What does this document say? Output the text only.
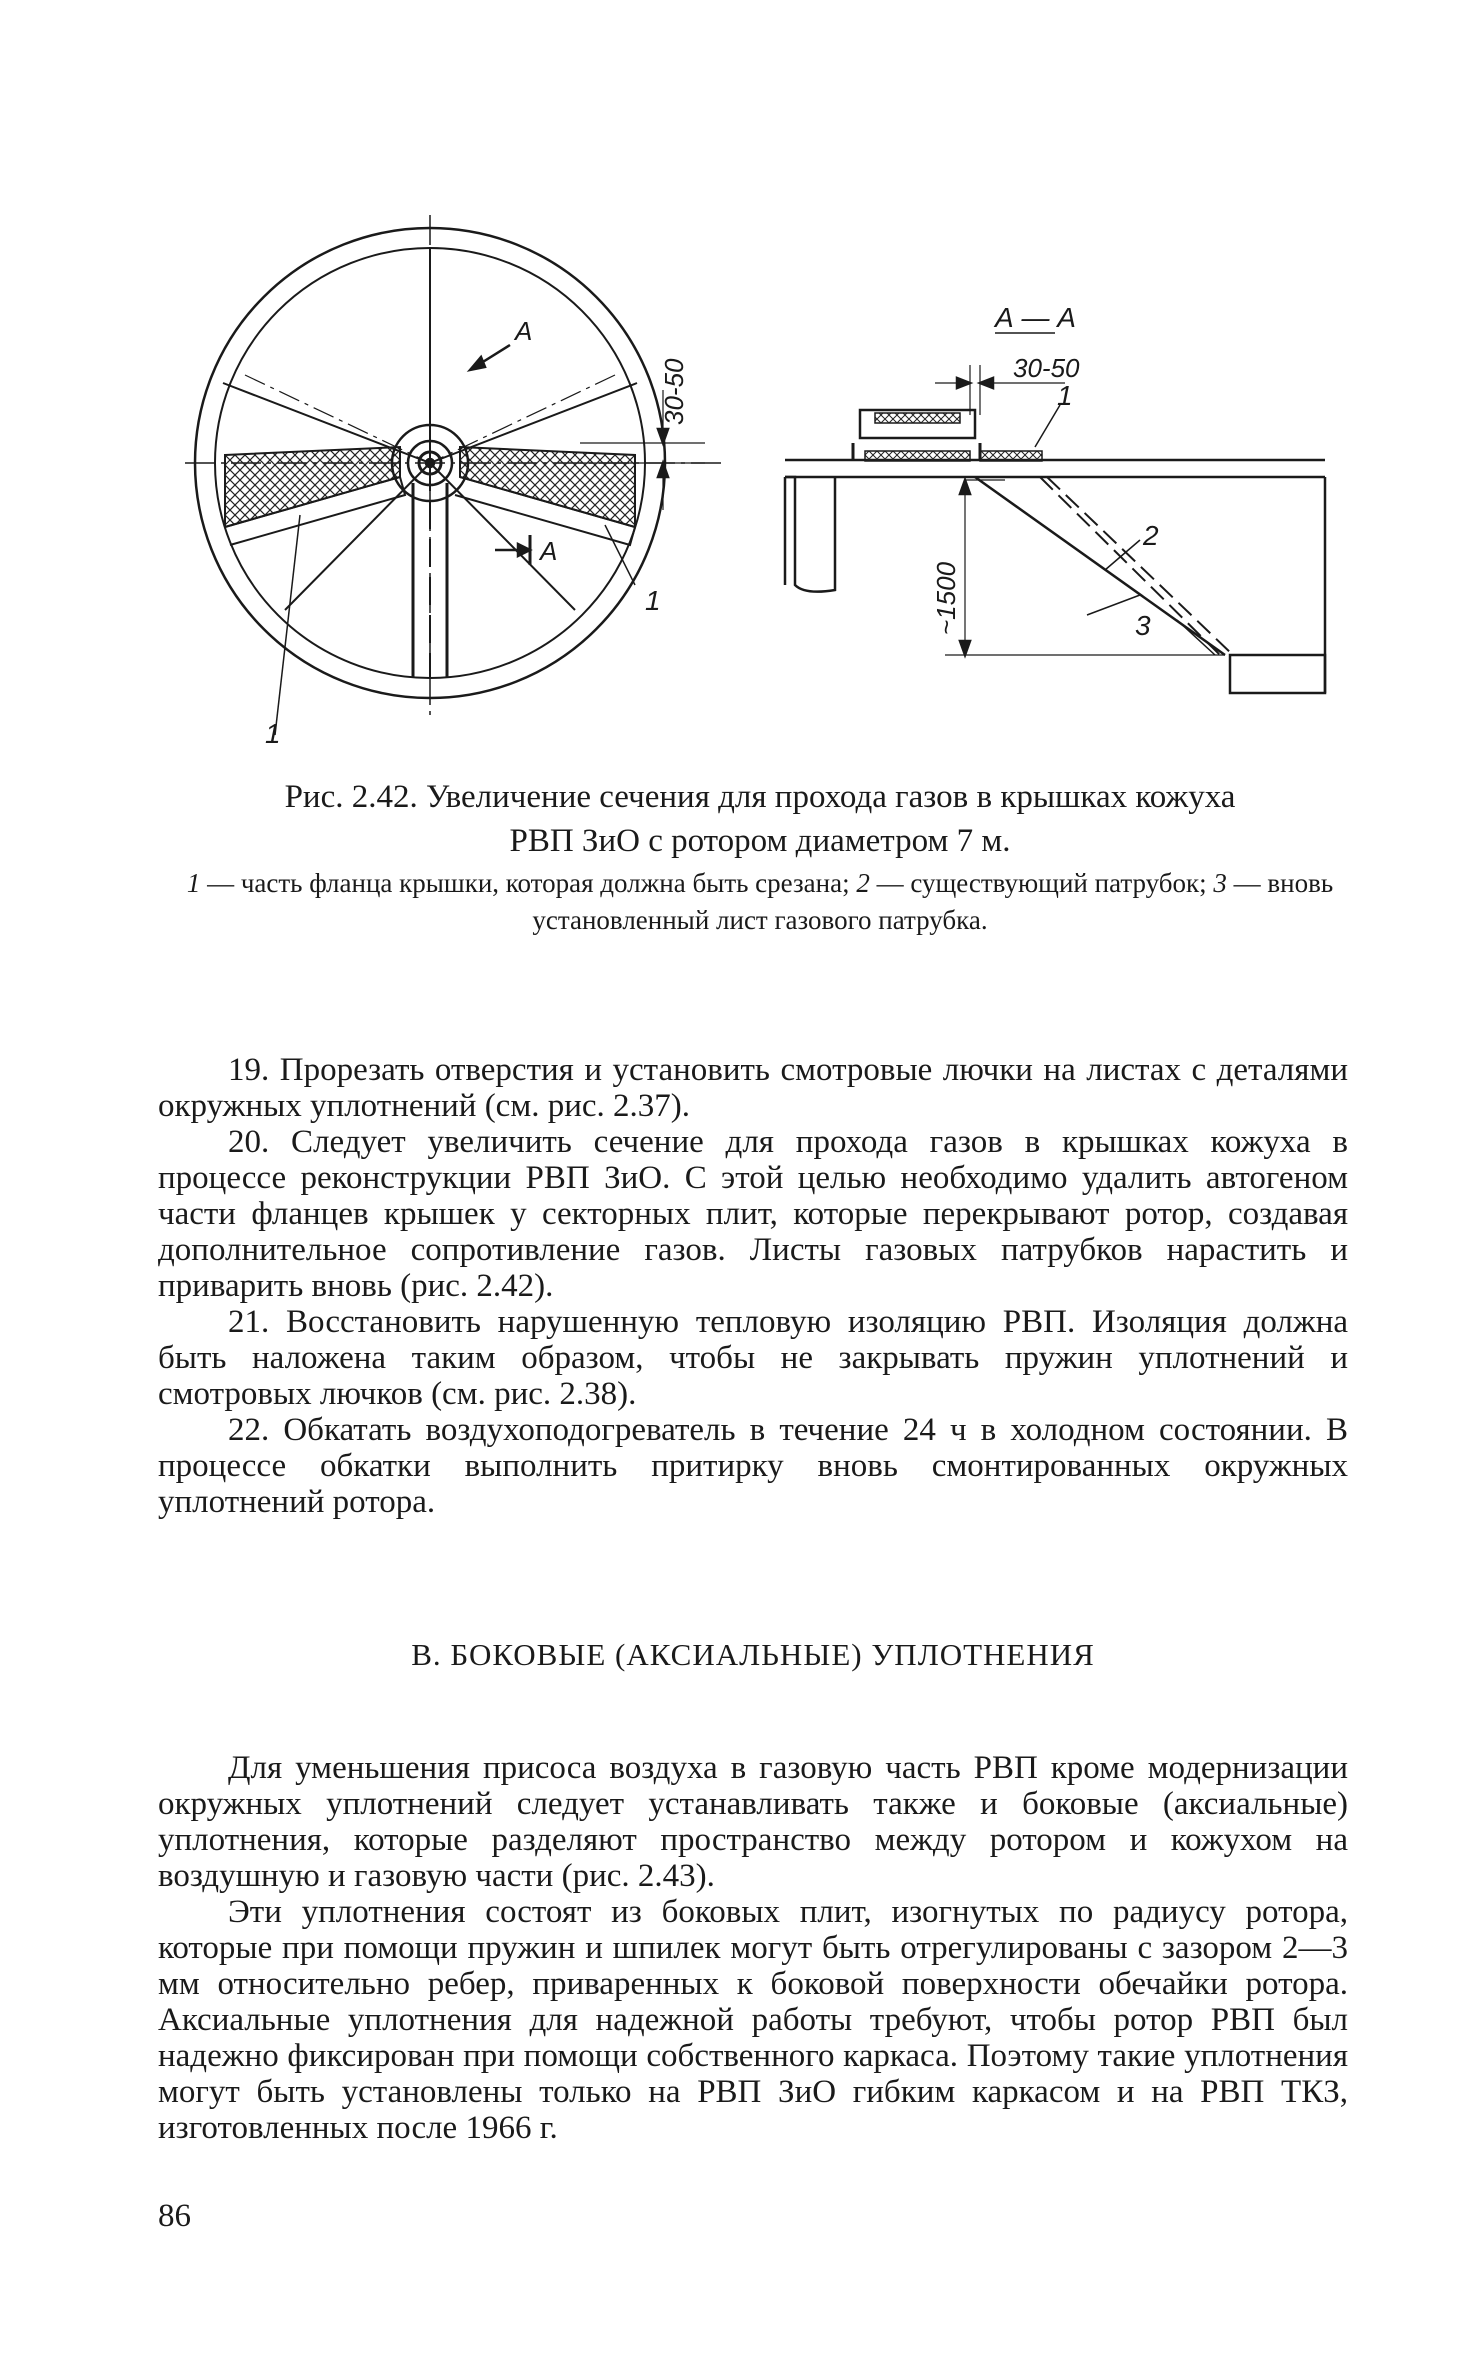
А
А
30-50
1
1
А — А
30-50
1
2
3
~1500
Рис. 2.42. Увеличение сечения для прохода газов в крышках кожуха
РВП ЗиО с ротором диаметром 7 м.
1 — часть фланца крышки, которая должна быть срезана; 2 — существующий патрубок; 3 — вновь установленный лист газового патрубка.

19. Прорезать отверстия и установить смотровые лючки на листах с деталями окружных уплотнений (см. рис. 2.37).

20. Следует увеличить сечение для прохода газов в крышках кожуха в процессе реконструкции РВП ЗиО. С этой целью необходимо удалить автогеном части фланцев крышек у секторных плит, которые перекрывают ротор, создавая дополнительное сопротивление газов. Листы газовых патрубков нарастить и приварить вновь (рис. 2.42).

21. Восстановить нарушенную тепловую изоляцию РВП. Изоляция должна быть наложена таким образом, чтобы не закрывать пружин уплотнений и смотровых лючков (см. рис. 2.38).

22. Обкатать воздухоподогреватель в течение 24 ч в холодном состоянии. В процессе обкатки выполнить притирку вновь смонтированных окружных уплотнений ротора.

В. БОКОВЫЕ (АКСИАЛЬНЫЕ) УПЛОТНЕНИЯ

Для уменьшения присоса воздуха в газовую часть РВП кроме модернизации окружных уплотнений следует устанавливать также и боковые (аксиальные) уплотнения, которые разделяют пространство между ротором и кожухом на воздушную и газовую части (рис. 2.43).

Эти уплотнения состоят из боковых плит, изогнутых по радиусу ротора, которые при помощи пружин и шпилек могут быть отрегулированы с зазором 2—3 мм относительно ребер, приваренных к боковой поверхности обечайки ротора. Аксиальные уплотнения для надежной работы требуют, чтобы ротор РВП был надежно фиксирован при помощи собственного каркаса. Поэтому такие уплотнения могут быть установлены только на РВП ЗиО гибким каркасом и на РВП ТКЗ, изготовленных после 1966 г.

86
